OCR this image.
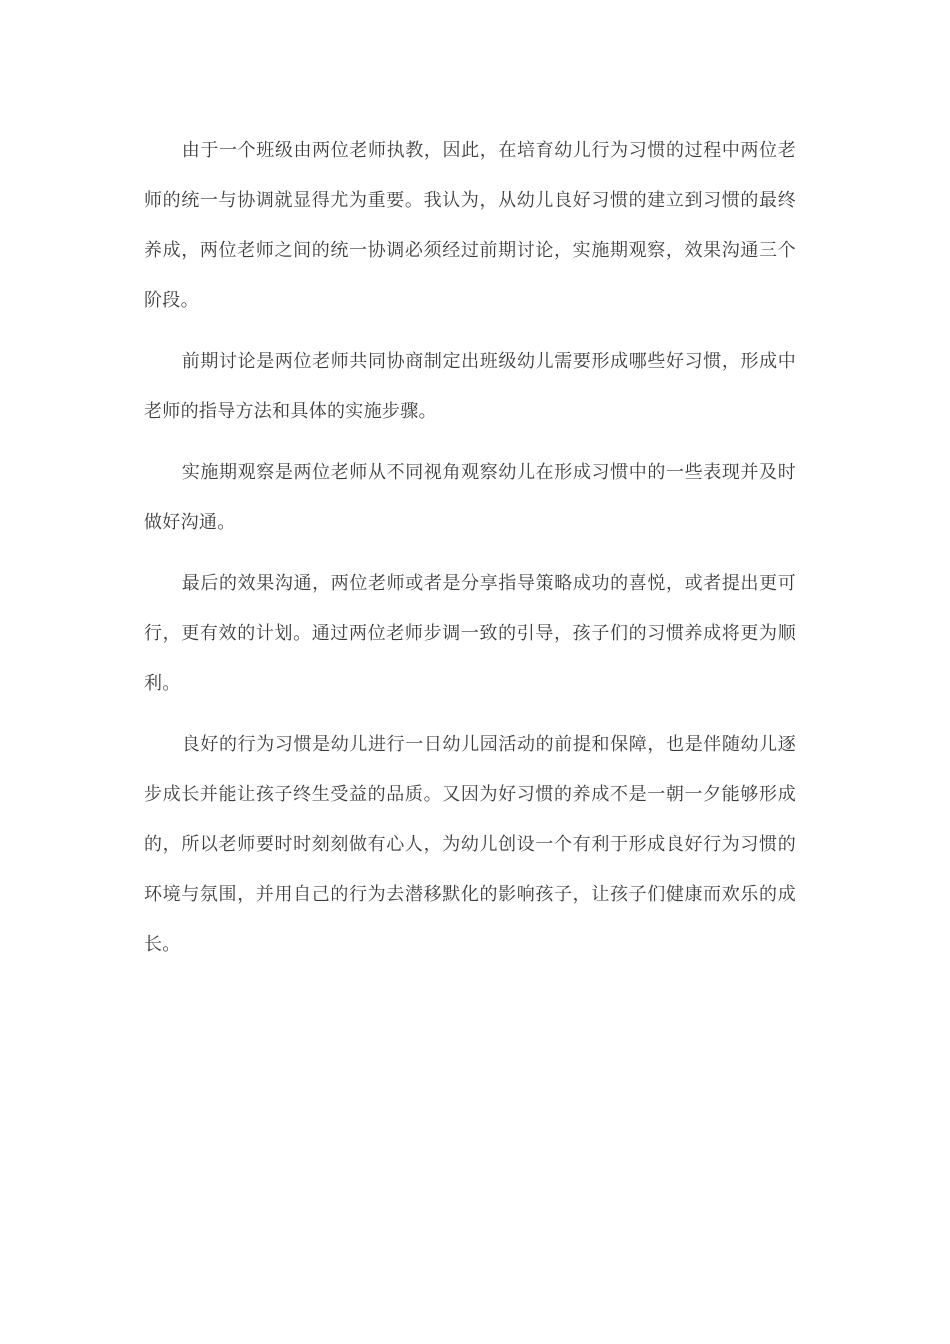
由于一个班级由两位老师执教，因此，在培育幼儿行为习惯的过程中两位老师的统一与协调就显得尤为重要。我认为，从幼儿良好习惯的建立到习惯的最终养成，两位老师之间的统一协调必须经过前期讨论，实施期观察，效果沟通三个阶段。

前期讨论是两位老师共同协商制定出班级幼儿需要形成哪些好习惯，形成中老师的指导方法和具体的实施步骤。

实施期观察是两位老师从不同视角观察幼儿在形成习惯中的一些表现并及时做好沟通。

最后的效果沟通，两位老师或者是分享指导策略成功的喜悦，或者提出更可行，更有效的计划。通过两位老师步调一致的引导，孩子们的习惯养成将更为顺利。

良好的行为习惯是幼儿进行一日幼儿园活动的前提和保障，也是伴随幼儿逐步成长并能让孩子终生受益的品质。又因为好习惯的养成不是一朝一夕能够形成的，所以老师要时时刻刻做有心人，为幼儿创设一个有利于形成良好行为习惯的环境与氛围，并用自己的行为去潜移默化的影响孩子，让孩子们健康而欢乐的成长。
